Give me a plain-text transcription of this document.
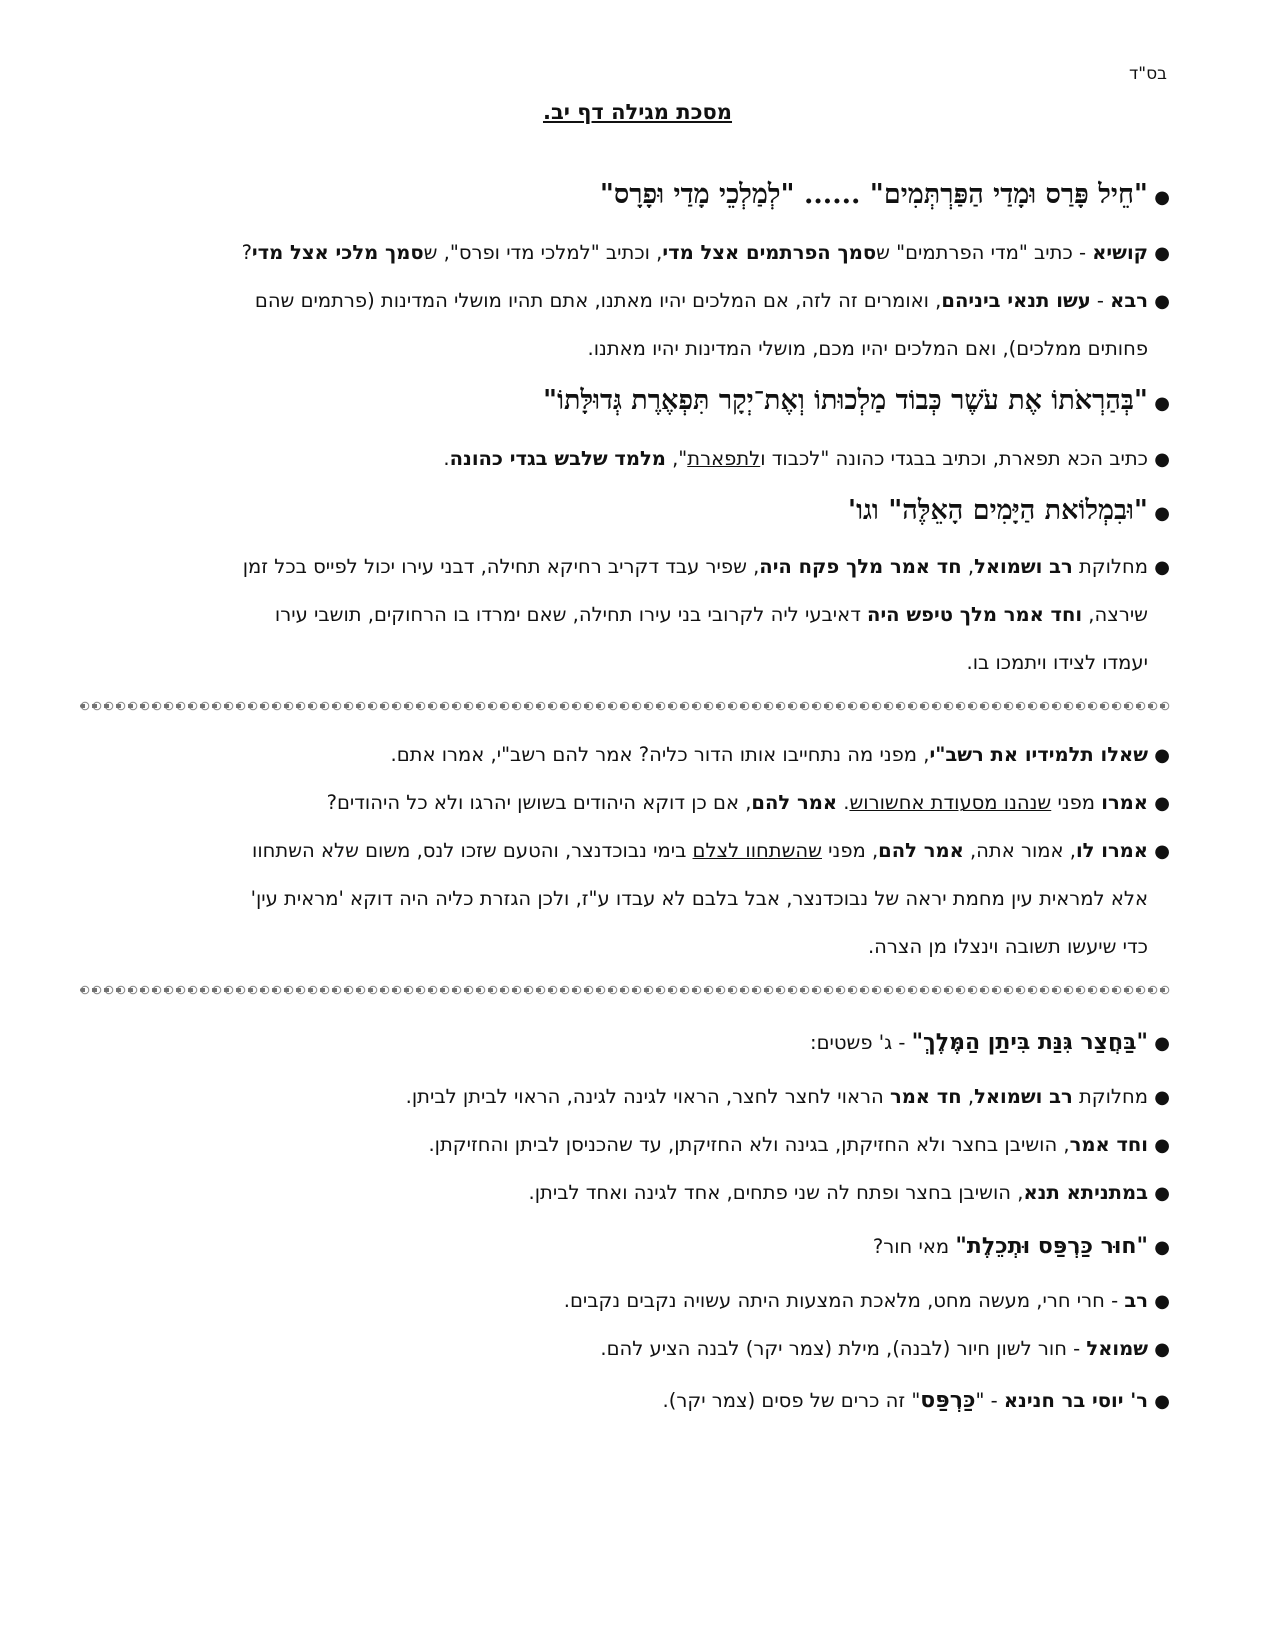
בס"ד
מסכת מגילה דף יב.
●"חֵיל פָּרַס וּמָדַי הַפַּרְתְּמִים" ...... "לְמַלְכֵי מָדַי וּפָרָס"
●קושיא - כתיב "מדי הפרתמים" שסמך הפרתמים אצל מדי, וכתיב "למלכי מדי ופרס", שסמך מלכי אצל מדי?
●רבא - עשו תנאי ביניהם, ואומרים זה לזה, אם המלכים יהיו מאתנו, אתם תהיו מושלי המדינות (פרתמים שהם
פחותים ממלכים), ואם המלכים יהיו מכם, מושלי המדינות יהיו מאתנו.
●"בְּהַרְאֹתוֹ אֶת עֹשֶׁר כְּבוֹד מַלְכוּתוֹ וְאֶת־יְקָר תִּפְאֶרֶת גְּדוּלָּתוֹ"
●כתיב הכא תפארת, וכתיב בבגדי כהונה "לכבוד ולתפארת", מלמד שלבש בגדי כהונה.
●"וּבִמְלוֹאת הַיָּמִים הָאֵלֶּה" וגו'
●מחלוקת רב ושמואל, חד אמר מלך פקח היה, שפיר עבד דקריב רחיקא תחילה, דבני עירו יכול לפייס בכל זמן
שירצה, וחד אמר מלך טיפש היה דאיבעי ליה לקרובי בני עירו תחילה, שאם ימרדו בו הרחוקים, תושבי עירו
יעמדו לצידו ויתמכו בו.
●שאלו תלמידיו את רשב"י, מפני מה נתחייבו אותו הדור כליה? אמר להם רשב"י, אמרו אתם.
●אמרו מפני שנהנו מסעודת אחשורוש. אמר להם, אם כן דוקא היהודים בשושן יהרגו ולא כל היהודים?
●אמרו לו, אמור אתה, אמר להם, מפני שהשתחוו לצלם בימי נבוכדנצר, והטעם שזכו לנס, משום שלא השתחוו
אלא למראית עין מחמת יראה של נבוכדנצר, אבל בלבם לא עבדו ע"ז, ולכן הגזרת כליה היה דוקא 'מראית עין'
כדי שיעשו תשובה וינצלו מן הצרה.
●"בַּחֲצַר גִּנַּת בִּיתַן הַמֶּלֶךְ" - ג' פשטים:
●מחלוקת רב ושמואל, חד אמר הראוי לחצר לחצר, הראוי לגינה לגינה, הראוי לביתן לביתן.
●וחד אמר, הושיבן בחצר ולא החזיקתן, בגינה ולא החזיקתן, עד שהכניסן לביתן והחזיקתן.
●במתניתא תנא, הושיבן בחצר ופתח לה שני פתחים, אחד לגינה ואחד לביתן.
●"חוּר כַּרְפַּס וּתְכֵלֶת" מאי חור?
●רב - חרי חרי, מעשה מחט, מלאכת המצעות היתה עשויה נקבים נקבים.
●שמואל - חור לשון חיור (לבנה), מילת (צמר יקר) לבנה הציע להם.
●ר' יוסי בר חנינא - "כַּרְפַּס" זה כרים של פסים (צמר יקר).
